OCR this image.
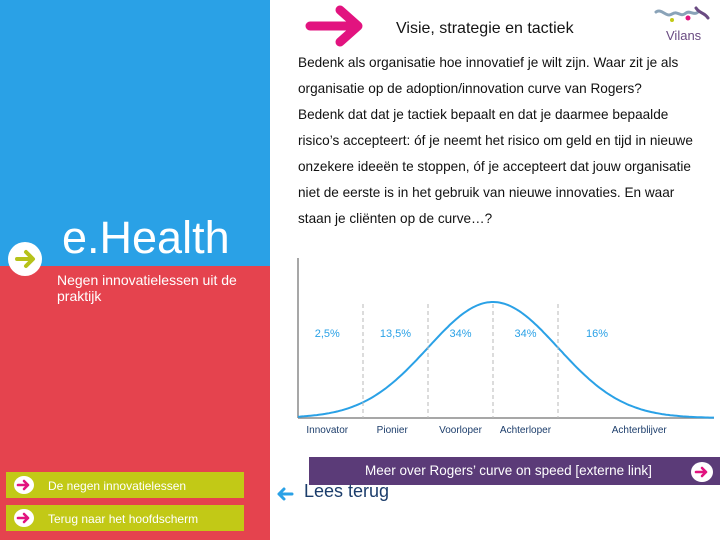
e.Health
Negen innovatielessen uit de praktijk
De negen innovatielessen
Terug naar het hoofdscherm
Visie, strategie en tactiek	Vilans

Bedenk als organisatie hoe innovatief je wilt zijn. Waar zit je als organisatie op de adoption/innovation curve van Rogers?

Bedenk dat dat je tactiek bepaalt en dat je daarmee bepaalde risico’s accepteert: óf je neemt het risico om geld en tijd in nieuwe onzekere ideeën te stoppen, óf je accepteert dat jouw organisatie niet de eerste is in het gebruik van nieuwe innovaties. En waar staan je cliënten op de curve…?

2,5%	13,5%	34%	34%	16%
Innovator	Pionier	Voorloper Achterloper	Achterblijver
Meer over Rogers’ curve on speed [externe link]
Lees terug
